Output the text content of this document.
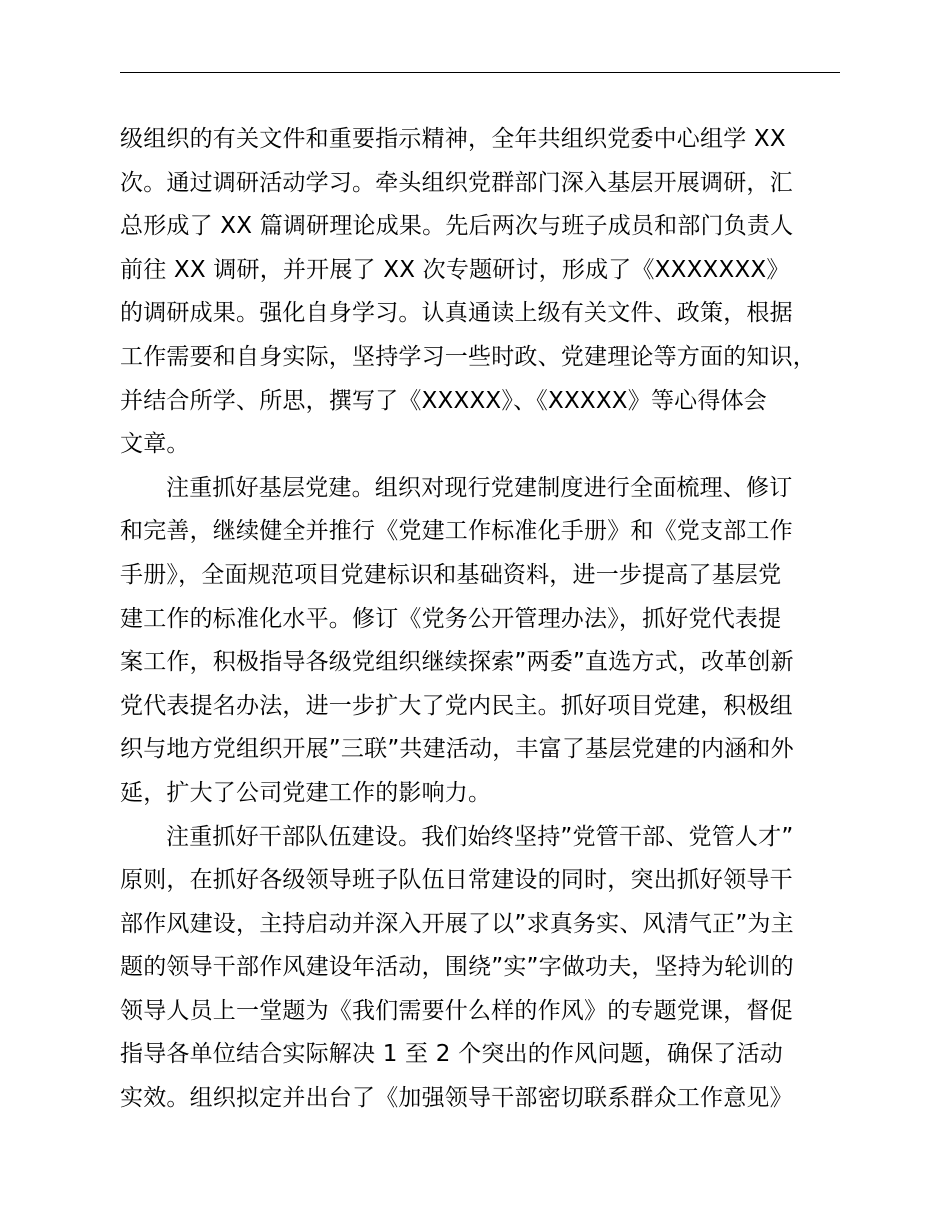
级组织的有关文件和重要指示精神，全年共组织党委中心组学 XX
次。通过调研活动学习。牵头组织党群部门深入基层开展调研，汇
总形成了 XX 篇调研理论成果。先后两次与班子成员和部门负责人
前往 XX 调研，并开展了 XX 次专题研讨，形成了《XXXXXXX》
的调研成果。强化自身学习。认真通读上级有关文件、政策，根据
工作需要和自身实际，坚持学习一些时政、党建理论等方面的知识，
并结合所学、所思，撰写了《XXXXX》、《XXXXX》等心得体会
文章。
注重抓好基层党建。组织对现行党建制度进行全面梳理、修订
和完善，继续健全并推行《党建工作标准化手册》和《党支部工作
手册》，全面规范项目党建标识和基础资料，进一步提高了基层党
建工作的标准化水平。修订《党务公开管理办法》，抓好党代表提
案工作，积极指导各级党组织继续探索”两委”直选方式，改革创新
党代表提名办法，进一步扩大了党内民主。抓好项目党建，积极组
织与地方党组织开展”三联”共建活动，丰富了基层党建的内涵和外
延，扩大了公司党建工作的影响力。
注重抓好干部队伍建设。我们始终坚持”党管干部、党管人才”
原则，在抓好各级领导班子队伍日常建设的同时，突出抓好领导干
部作风建设，主持启动并深入开展了以”求真务实、风清气正”为主
题的领导干部作风建设年活动，围绕”实”字做功夫，坚持为轮训的
领导人员上一堂题为《我们需要什么样的作风》的专题党课，督促
指导各单位结合实际解决 1 至 2 个突出的作风问题，确保了活动
实效。组织拟定并出台了《加强领导干部密切联系群众工作意见》
